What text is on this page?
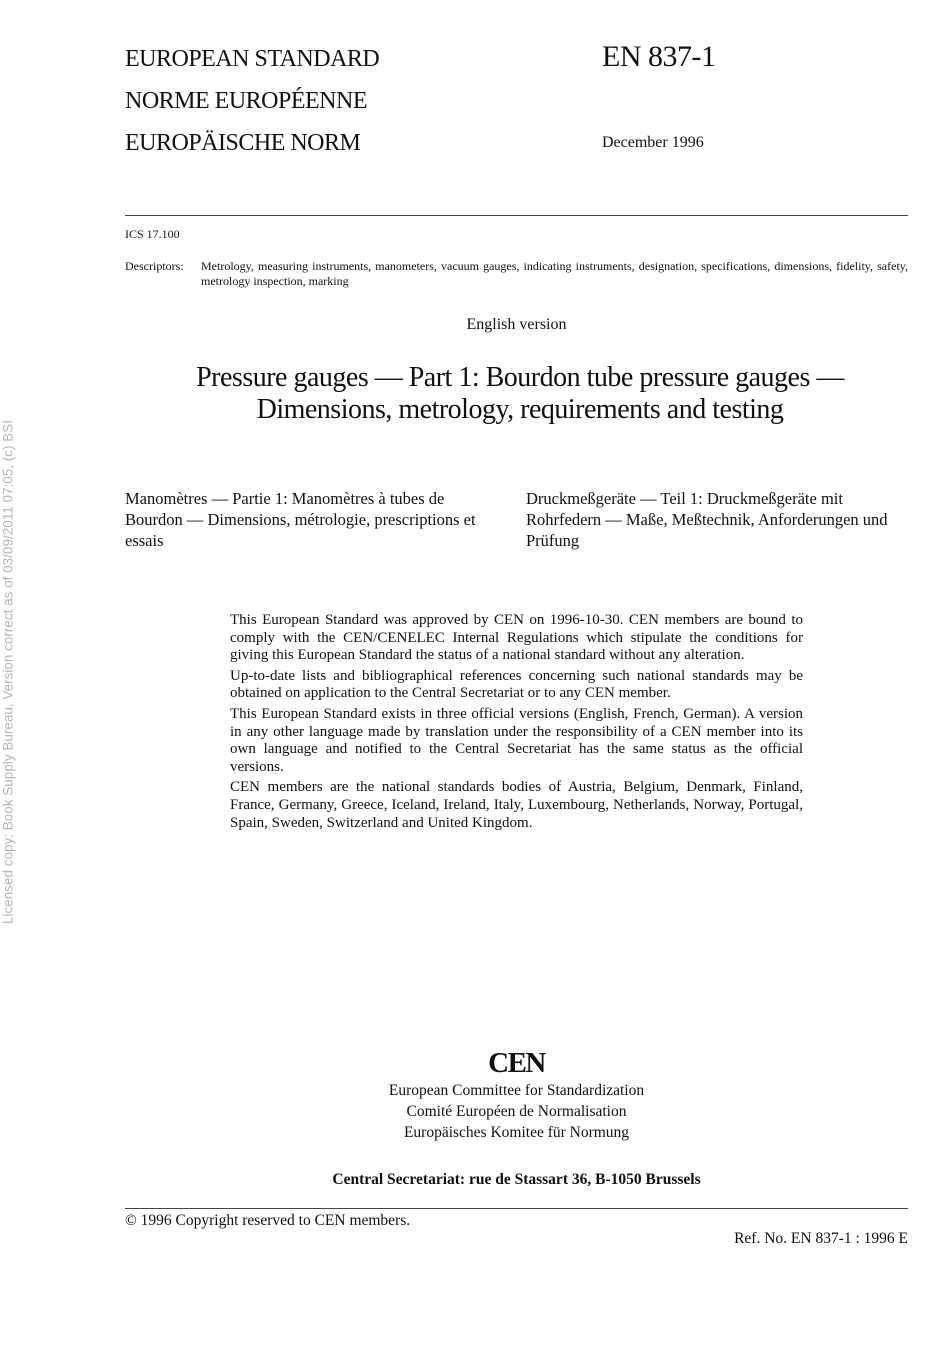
Licensed copy: Book Supply Bureau, Version correct as of 03/09/2011 07:05, (c) BSI
EUROPEAN STANDARD
NORME EUROPÉENNE
EUROPÄISCHE NORM
EN 837-1
December 1996
ICS 17.100
Descriptors: Metrology, measuring instruments, manometers, vacuum gauges, indicating instruments, designation, specifications, dimensions, fidelity, safety, metrology inspection, marking
English version
Pressure gauges — Part 1: Bourdon tube pressure gauges —
Dimensions, metrology, requirements and testing
Manomètres — Partie 1: Manomètres à tubes de Bourdon — Dimensions, métrologie, prescriptions et essais
Druckmeßgeräte — Teil 1: Druckmeßgeräte mit Rohrfedern — Maße, Meßtechnik, Anforderungen und Prüfung

This European Standard was approved by CEN on 1996-10-30. CEN members are bound to comply with the CEN/CENELEC Internal Regulations which stipulate the conditions for giving this European Standard the status of a national standard without any alteration.

Up-to-date lists and bibliographical references concerning such national standards may be obtained on application to the Central Secretariat or to any CEN member.

This European Standard exists in three official versions (English, French, German). A version in any other language made by translation under the responsibility of a CEN member into its own language and notified to the Central Secretariat has the same status as the official versions.

CEN members are the national standards bodies of Austria, Belgium, Denmark, Finland, France, Germany, Greece, Iceland, Ireland, Italy, Luxembourg, Netherlands, Norway, Portugal, Spain, Sweden, Switzerland and United Kingdom.

CEN
European Committee for Standardization
Comité Européen de Normalisation
Europäisches Komitee für Normung
Central Secretariat: rue de Stassart 36, B-1050 Brussels
© 1996 Copyright reserved to CEN members.
Ref. No. EN 837-1 : 1996 E
